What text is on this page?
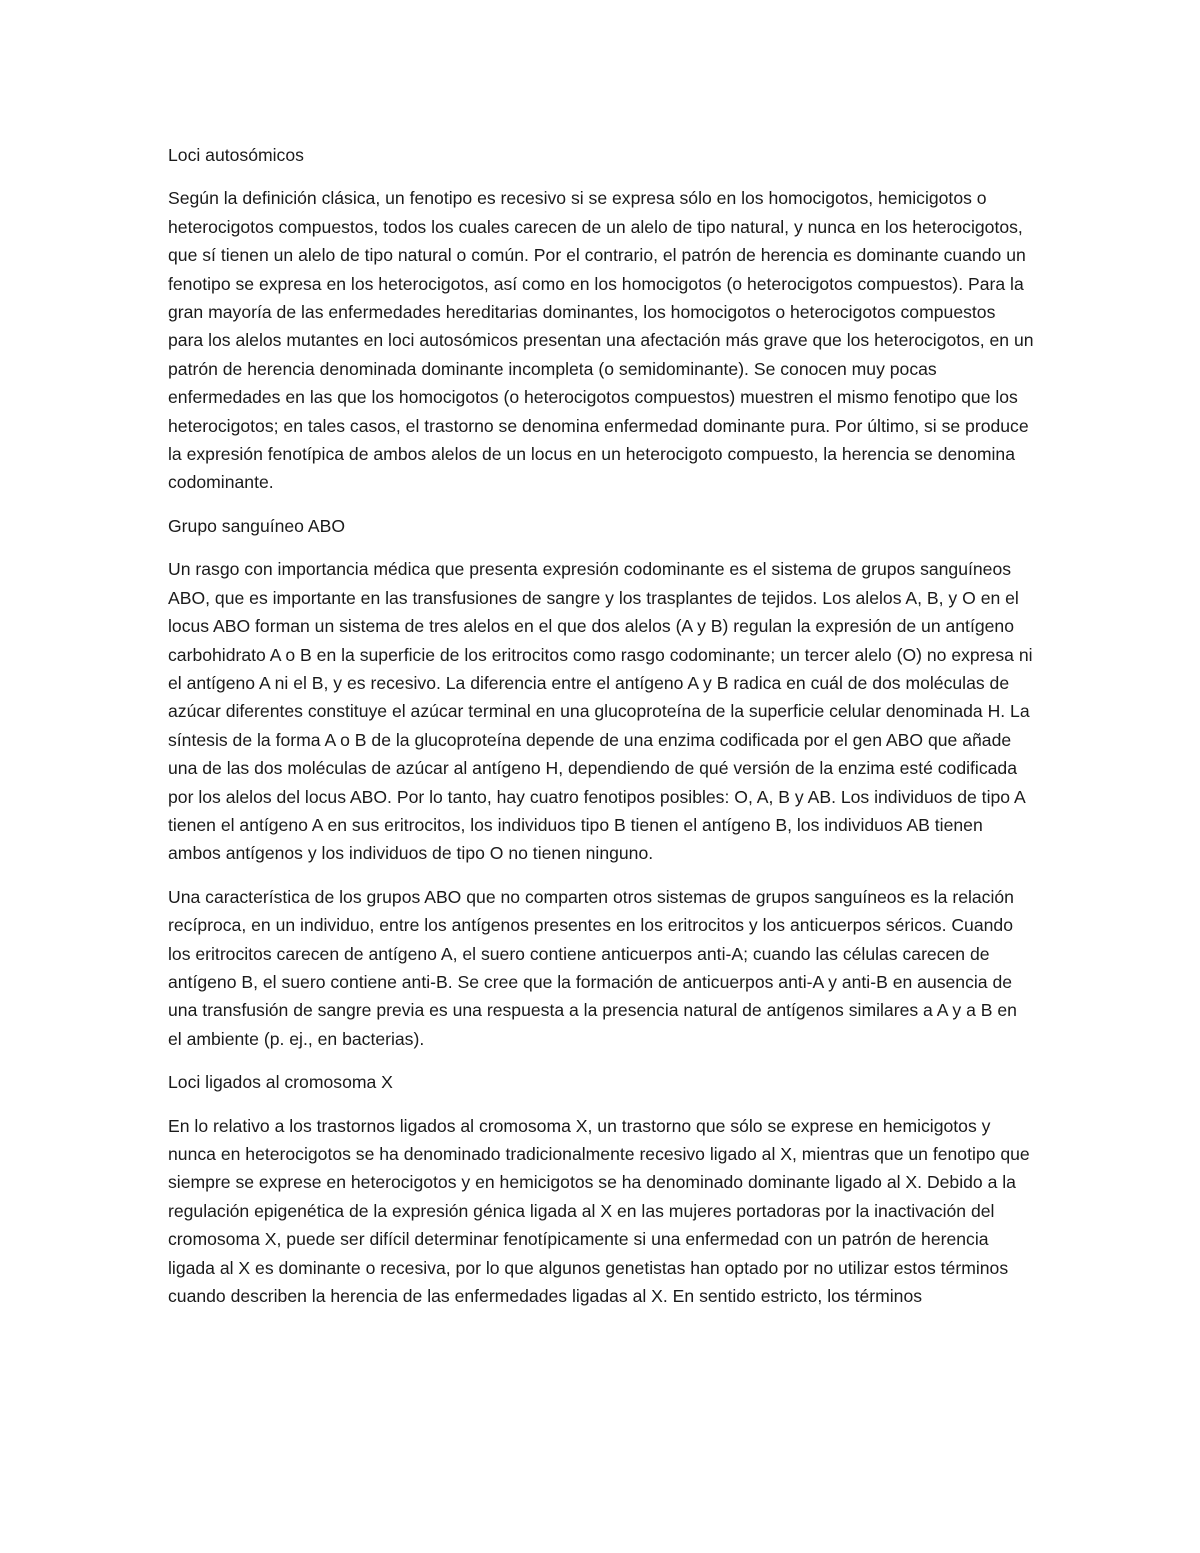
Loci autosómicos

Según la definición clásica, un fenotipo es recesivo si se expresa sólo en los homocigotos, hemicigotos o heterocigotos compuestos, todos los cuales carecen de un alelo de tipo natural, y nunca en los heterocigotos, que sí tienen un alelo de tipo natural o común. Por el contrario, el patrón de herencia es dominante cuando un fenotipo se expresa en los heterocigotos, así como en los homocigotos (o heterocigotos compuestos). Para la gran mayoría de las enfermedades hereditarias dominantes, los homocigotos o heterocigotos compuestos para los alelos mutantes en loci autosómicos presentan una afectación más grave que los heterocigotos, en un patrón de herencia denominada dominante incompleta (o semidominante). Se conocen muy pocas enfermedades en las que los homocigotos (o heterocigotos compuestos) muestren el mismo fenotipo que los heterocigotos; en tales casos, el trastorno se denomina enfermedad dominante pura. Por último, si se produce la expresión fenotípica de ambos alelos de un locus en un heterocigoto compuesto, la herencia se denomina codominante.

Grupo sanguíneo ABO

Un rasgo con importancia médica que presenta expresión codominante es el sistema de grupos sanguíneos ABO, que es importante en las transfusiones de sangre y los trasplantes de tejidos. Los alelos A, B, y O en el locus ABO forman un sistema de tres alelos en el que dos alelos (A y B) regulan la expresión de un antígeno carbohidrato A o B en la superficie de los eritrocitos como rasgo codominante; un tercer alelo (O) no expresa ni el antígeno A ni el B, y es recesivo. La diferencia entre el antígeno A y B radica en cuál de dos moléculas de azúcar diferentes constituye el azúcar terminal en una glucoproteína de la superficie celular denominada H. La síntesis de la forma A o B de la glucoproteína depende de una enzima codificada por el gen ABO que añade una de las dos moléculas de azúcar al antígeno H, dependiendo de qué versión de la enzima esté codificada por los alelos del locus ABO. Por lo tanto, hay cuatro fenotipos posibles: O, A, B y AB. Los individuos de tipo A tienen el antígeno A en sus eritrocitos, los individuos tipo B tienen el antígeno B, los individuos AB tienen ambos antígenos y los individuos de tipo O no tienen ninguno.

Una característica de los grupos ABO que no comparten otros sistemas de grupos sanguíneos es la relación recíproca, en un individuo, entre los antígenos presentes en los eritrocitos y los anticuerpos séricos. Cuando los eritrocitos carecen de antígeno A, el suero contiene anticuerpos anti-A; cuando las células carecen de antígeno B, el suero contiene anti-B. Se cree que la formación de anticuerpos anti-A y anti-B en ausencia de una transfusión de sangre previa es una respuesta a la presencia natural de antígenos similares a A y a B en el ambiente (p. ej., en bacterias).

Loci ligados al cromosoma X

En lo relativo a los trastornos ligados al cromosoma X, un trastorno que sólo se exprese en hemicigotos y nunca en heterocigotos se ha denominado tradicionalmente recesivo ligado al X, mientras que un fenotipo que siempre se exprese en heterocigotos y en hemicigotos se ha denominado dominante ligado al X. Debido a la regulación epigenética de la expresión génica ligada al X en las mujeres portadoras por la inactivación del cromosoma X, puede ser difícil determinar fenotípicamente si una enfermedad con un patrón de herencia ligada al X es dominante o recesiva, por lo que algunos genetistas han optado por no utilizar estos términos cuando describen la herencia de las enfermedades ligadas al X. En sentido estricto, los términos
